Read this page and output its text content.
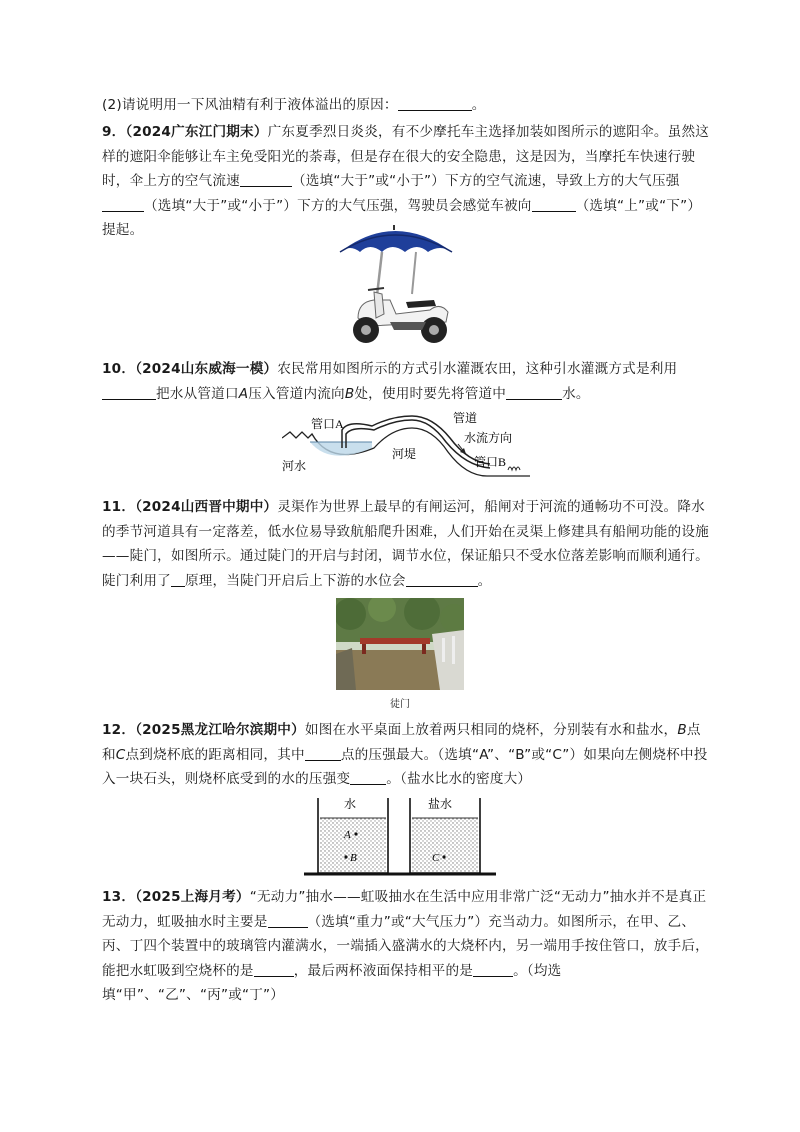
(2)请说明用一下风油精有利于液体溢出的原因：	。

9．（2024广东江门期末）广东夏季烈日炎炎，有不少摩托车主选择加装如图所示的遮阳伞。虽然这样的遮阳伞能够让车主免受阳光的荼毒，但是存在很大的安全隐患，这是因为，当摩托车快速行驶时，伞上方的空气流速	（选填“大于”或“小于”）下方的空气流速，导致上方的大气压强（选填“大于”或“小于”）下方的大气压强，驾驶员会感觉车被向	（选填“上”或“下”）提起。

10．（2024山东威海一模）农民常用如图所示的方式引水灌溉农田，这种引水灌溉方式是利用把水从管道口A压入管道内流向B处，使用时要先将管道中	水。

管口A	管道
水流方向
河水
河堤
管口B

11．（2024山西晋中期中）灵渠作为世界上最早的有闸运河，船闸对于河流的通畅功不可没。降水的季节河道具有一定落差，低水位易导致航船爬升困难，人们开始在灵渠上修建具有船闸功能的设施——陡门，如图所示。通过陡门的开启与封闭，调节水位，保证船只不受水位落差影响而顺利通行。陡门利用了 原理，当陡门开启后上下游的水位会	。

徒门

12．（2025黑龙江哈尔滨期中）如图在水平桌面上放着两只相同的烧杯，分别装有水和盐水，B点和C点到烧杯底的距离相同，其中	点的压强最大。（选填“A”、“B”或“C”）如果向左侧烧杯中投入一块石头，则烧杯底受到的水的压强变	。（盐水比水的密度大）

水
A
B
盐水
C

13．（2025上海月考）“无动力”抽水——虹吸抽水在生活中应用非常广泛“无动力”抽水并不是真正无动力，虹吸抽水时主要是	（选填“重力”或“大气压力”）充当动力。如图所示，在甲、乙、丙、丁四个装置中的玻璃管内灌满水，一端插入盛满水的大烧杯内，另一端用手按住管口，放手后，能把水虹吸到空烧杯的是	，最后两杯液面保持相平的是	。（均选填“甲”、“乙”、“丙”或“丁”）
